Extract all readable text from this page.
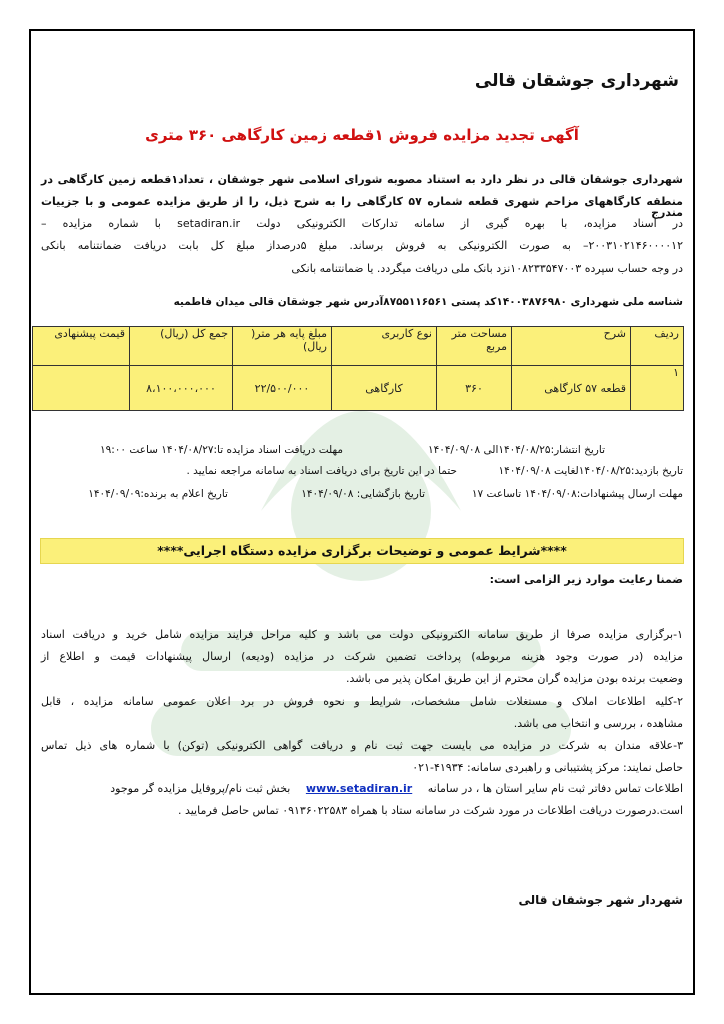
شهرداری جوشقان قالی
آگهی تجدید مزایده فروش ۱قطعه زمین کارگاهی ۳۶۰ متری
شهرداری جوشقان قالی در نظر دارد به استناد مصوبه شورای اسلامی شهر جوشقان ، تعداد۱قطعه زمین کارگاهی در
منطقه کارگاههای مزاحم شهری قطعه شماره ۵۷ کارگاهی را به شرح ذیل، را از طریق مزایده عمومی و با جزییات مندرج
در اسناد مزایده، با بهره گیری از سامانه تدارکات الکترونیکی دولت setadiran.ir با شماره مزایده –
۲۰۰۳۱۰۲۱۴۶۰۰۰۰۱۲– به صورت الکترونیکی به فروش برساند. مبلغ ۵درصداز مبلغ کل بابت دریافت ضمانتنامه بانکی
در وجه حساب سپرده ۱۰۸۲۳۳۵۴۷۰۰۳نزد بانک ملی دریافت میگردد. یا ضمانتنامه بانکی
شناسه ملی شهرداری ۱۴۰۰۳۸۷۶۹۸۰کد پستی ۸۷۵۵۱۱۶۵۶۱آدرس شهر جوشقان قالی میدان فاطمیه
ردیف	شرح	مساحت متر مربع	نوع کاربری	مبلغ پایه هر متر( ریال)	جمع کل (ریال)	قیمت پیشنهادی
۱	قطعه ۵۷ کارگاهی	۳۶۰	کارگاهی	۲۲/۵۰۰/۰۰۰	۸،۱۰۰،۰۰۰،۰۰۰	
تاریخ انتشار:۱۴۰۴/۰۸/۲۵الی ۱۴۰۴/۰۹/۰۸
مهلت دریافت اسناد مزایده تا:۱۴۰۴/۰۸/۲۷ ساعت ۱۹:۰۰
تاریخ بازدید:۱۴۰۴/۰۸/۲۵لغایت ۱۴۰۴/۰۹/۰۸
حتما در این تاریخ برای دریافت اسناد به سامانه مراجعه نمایید .
مهلت ارسال پیشنهادات:۱۴۰۴/۰۹/۰۸ تاساعت ۱۷
تاریخ بازگشایی: ۱۴۰۴/۰۹/۰۸
تاریخ اعلام به برنده:۱۴۰۴/۰۹/۰۹
****شرایط عمومی و توضیحات برگزاری مزایده دستگاه اجرایی****
ضمنا رعایت موارد زیر الزامی است:
۱-برگزاری مزایده صرفا از طریق سامانه الکترونیکی دولت می باشد و کلیه مراحل فرایند مزایده شامل خرید و دریافت اسناد
مزایده (در صورت وجود هزینه مربوطه) پرداخت تضمین شرکت در مزایده (ودیعه) ارسال پیشنهادات قیمت و اطلاع از
وضعیت برنده بودن مزایده گران محترم از این طریق امکان پذیر می باشد.
۲-کلیه اطلاعات املاک و مستغلات شامل مشخصات، شرایط و نحوه فروش در برد اعلان عمومی سامانه مزایده ، قابل
مشاهده ، بررسی و انتخاب می باشد.
۳-علاقه مندان به شرکت در مزایده می بایست جهت ثبت نام و دریافت گواهی الکترونیکی (توکن) با شماره های ذیل تماس
حاصل نمایند: مرکز پشتیبانی و راهبردی سامانه: ۴۱۹۳۴-۰۲۱
اطلاعات تماس دفاتر ثبت نام سایر استان ها ، در سامانه www.setadiran.ir بخش ثبت نام/پروفایل مزایده گر موجود
است.درصورت دریافت اطلاعات در مورد شرکت در سامانه ستاد با همراه ۰۹۱۳۶۰۲۲۵۸۳ تماس حاصل فرمایید .
شهردار شهر جوشقان قالی
